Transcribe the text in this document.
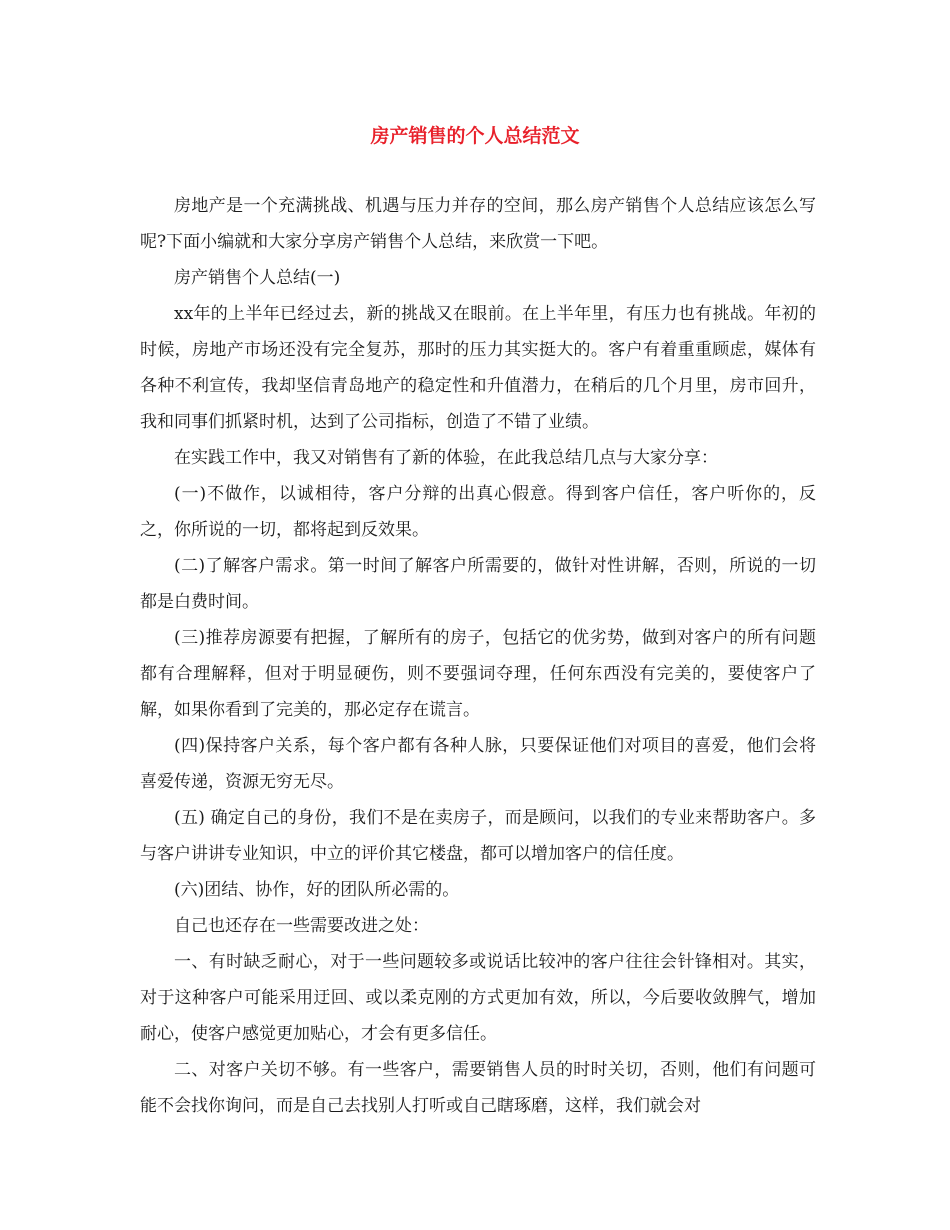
房产销售的个人总结范文

房地产是一个充满挑战、机遇与压力并存的空间，那么房产销售个人总结应该怎么写呢?下面小编就和大家分享房产销售个人总结，来欣赏一下吧。

房产销售个人总结(一)

xx年的上半年已经过去，新的挑战又在眼前。在上半年里，有压力也有挑战。年初的时候，房地产市场还没有完全复苏，那时的压力其实挺大的。客户有着重重顾虑，媒体有各种不利宣传，我却坚信青岛地产的稳定性和升值潜力，在稍后的几个月里，房市回升，我和同事们抓紧时机，达到了公司指标，创造了不错了业绩。

在实践工作中，我又对销售有了新的体验，在此我总结几点与大家分享：

(一)不做作，以诚相待，客户分辩的出真心假意。得到客户信任，客户听你的，反之，你所说的一切，都将起到反效果。

(二)了解客户需求。第一时间了解客户所需要的，做针对性讲解，否则，所说的一切都是白费时间。

(三)推荐房源要有把握，了解所有的房子，包括它的优劣势，做到对客户的所有问题都有合理解释，但对于明显硬伤，则不要强词夺理，任何东西没有完美的，要使客户了解，如果你看到了完美的，那必定存在谎言。

(四)保持客户关系，每个客户都有各种人脉，只要保证他们对项目的喜爱，他们会将喜爱传递，资源无穷无尽。

(五) 确定自己的身份，我们不是在卖房子，而是顾问，以我们的专业来帮助客户。多与客户讲讲专业知识，中立的评价其它楼盘，都可以增加客户的信任度。

(六)团结、协作，好的团队所必需的。

自己也还存在一些需要改进之处：

一、有时缺乏耐心，对于一些问题较多或说话比较冲的客户往往会针锋相对。其实，对于这种客户可能采用迂回、或以柔克刚的方式更加有效，所以，今后要收敛脾气，增加耐心，使客户感觉更加贴心，才会有更多信任。

二、对客户关切不够。有一些客户，需要销售人员的时时关切，否则，他们有问题可能不会找你询问，而是自己去找别人打听或自己瞎琢磨，这样，我们就会对
